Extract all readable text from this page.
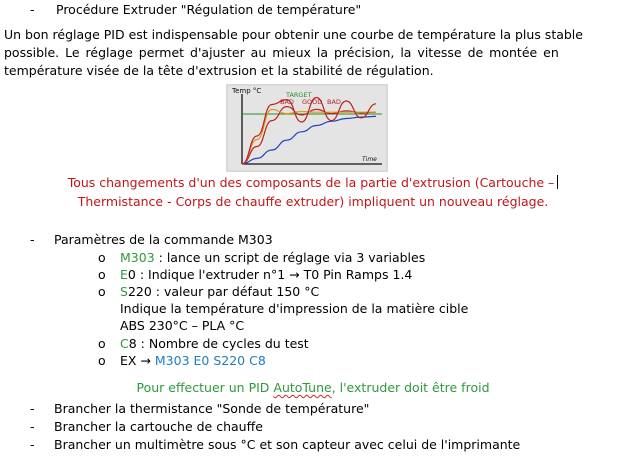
- Procédure Extruder "Régulation de température"
Un bon réglage PID est indispensable pour obtenir une courbe de température la plus stable
possible. Le réglage permet d'ajuster au mieux la précision, la vitesse de montée en
température visée de la tête d'extrusion et la stabilité de régulation.
Temp °C
Time
TARGET
BAD GOOD BAD
Tous changements d'un des composants de la partie d'extrusion (Cartouche –
Thermistance - Corps de chauffe extruder) impliquent un nouveau réglage.
- Paramètres de la commande M303
o M303 : lance un script de réglage via 3 variables
o E0 : Indique l'extruder n°1 → T0 Pin Ramps 1.4
o S220 : valeur par défaut 150 °C
Indique la température d'impression de la matière cible
ABS 230°C – PLA °C
o C8 : Nombre de cycles du test
o EX → M303 E0 S220 C8
Pour effectuer un PID AutoTune, l'extruder doit être froid
- Brancher la thermistance "Sonde de température"
- Brancher la cartouche de chauffe
- Brancher un multimètre sous °C et son capteur avec celui de l'imprimante
